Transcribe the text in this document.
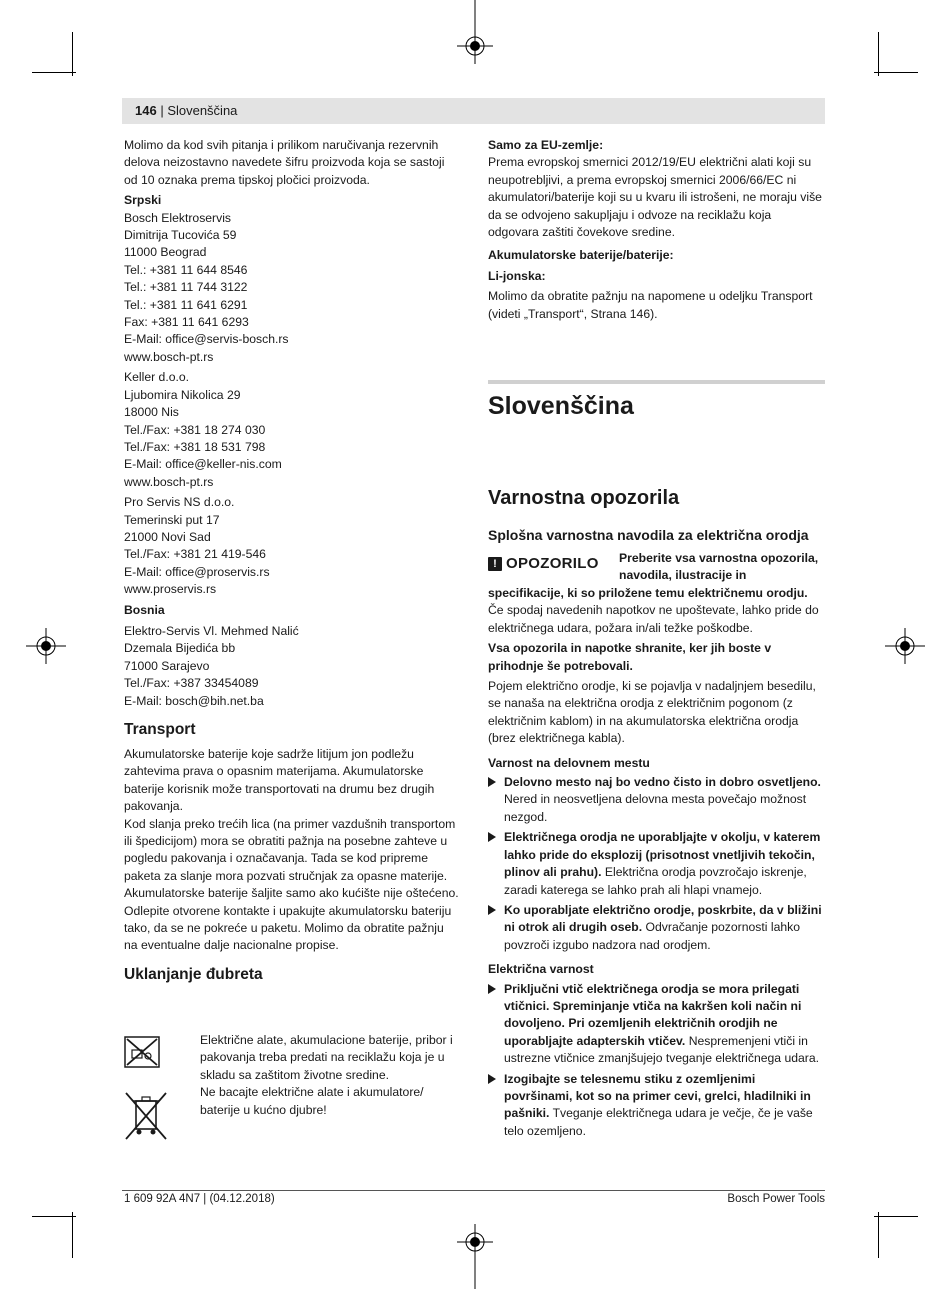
146 | Slovenščina

Molimo da kod svih pitanja i prilikom naručivanja rezervnih delova neizostavno navedete šifru proizvoda koja se sastoji od 10 oznaka prema tipskoj pločici proizvoda.

Srpski

Bosch Elektroservis

Dimitrija Tucovića 59

11000 Beograd

Tel.: +381 11 644 8546

Tel.: +381 11 744 3122

Tel.: +381 11 641 6291

Fax: +381 11 641 6293

E-Mail: office@servis-bosch.rs

www.bosch-pt.rs

Keller d.o.o.

Ljubomira Nikolica 29

18000 Nis

Tel./Fax: +381 18 274 030

Tel./Fax: +381 18 531 798

E-Mail: office@keller-nis.com

www.bosch-pt.rs

Pro Servis NS d.o.o.

Temerinski put 17

21000 Novi Sad

Tel./Fax: +381 21 419-546

E-Mail: office@proservis.rs

www.proservis.rs

Bosnia

Elektro-Servis Vl. Mehmed Nalić

Dzemala Bijedića bb

71000 Sarajevo

Tel./Fax: +387 33454089

E-Mail: bosch@bih.net.ba

Transport

Akumulatorske baterije koje sadrže litijum jon podležu zahtevima prava o opasnim materijama. Akumulatorske baterije korisnik može transportovati na drumu bez drugih pakovanja.

Kod slanja preko trećih lica (na primer vazdušnih transportom ili špedicijom) mora se obratiti pažnja na posebne zahteve u pogledu pakovanja i označavanja. Tada se kod pripreme paketa za slanje mora pozvati stručnjak za opasne materije.

Akumulatorske baterije šaljite samo ako kućište nije oštećeno. Odlepite otvorene kontakte i upakujte akumulatorsku bateriju tako, da se ne pokreće u paketu. Molimo da obratite pažnju na eventualne dalje nacionalne propise.

Uklanjanje đubreta

Električne alate, akumulacione baterije, pribor i pakovanja treba predati na reciklažu koja je u skladu sa zaštitom životne sredine.

Ne bacajte električne alate i akumulatore/ baterije u kućno djubre!

Samo za EU-zemlje:

Prema evropskoj smernici 2012/19/EU električni alati koji su neupotrebljivi, a prema evropskoj smernici 2006/66/EC ni akumulatori/baterije koji su u kvaru ili istrošeni, ne moraju više da se odvojeno sakupljaju i odvoze na reciklažu koja odgovara zaštiti čovekove sredine.

Akumulatorske baterije/baterije:

Li-jonska:

Molimo da obratite pažnju na napomene u odeljku Transport (videti „Transport“, Strana 146).

Slovenščina
Varnostna opozorila
Splošna varnostna navodila za električna orodja
! OPOZORILO Preberite vsa varnostna opozorila, navodila, ilustracije in

specifikacije, ki so priložene temu električnemu orodju.

Če spodaj navedenih napotkov ne upoštevate, lahko pride do električnega udara, požara in/ali težke poškodbe.

Vsa opozorila in napotke shranite, ker jih boste v prihodnje še potrebovali.

Pojem električno orodje, ki se pojavlja v nadaljnjem besedilu, se nanaša na električna orodja z električnim pogonom (z električnim kablom) in na akumulatorska električna orodja (brez električnega kabla).

Varnost na delovnem mestu

Delovno mesto naj bo vedno čisto in dobro osvetljeno. Nered in neosvetljena delovna mesta povečajo možnost nezgod.
Električnega orodja ne uporabljajte v okolju, v katerem lahko pride do eksplozij (prisotnost vnetljivih tekočin, plinov ali prahu). Električna orodja povzročajo iskrenje, zaradi katerega se lahko prah ali hlapi vnamejo.
Ko uporabljate električno orodje, poskrbite, da v bližini ni otrok ali drugih oseb. Odvračanje pozornosti lahko povzroči izgubo nadzora nad orodjem.

Električna varnost

Priključni vtič električnega orodja se mora prilegati vtičnici. Spreminjanje vtiča na kakršen koli način ni dovoljeno. Pri ozemljenih električnih orodjih ne uporabljajte adapterskih vtičev. Nespremenjeni vtiči in ustrezne vtičnice zmanjšujejo tveganje električnega udara.
Izogibajte se telesnemu stiku z ozemljenimi površinami, kot so na primer cevi, grelci, hladilniki in pašniki. Tveganje električnega udara je večje, če je vaše telo ozemljeno.
1 609 92A 4N7 | (04.12.2018)	Bosch Power Tools
